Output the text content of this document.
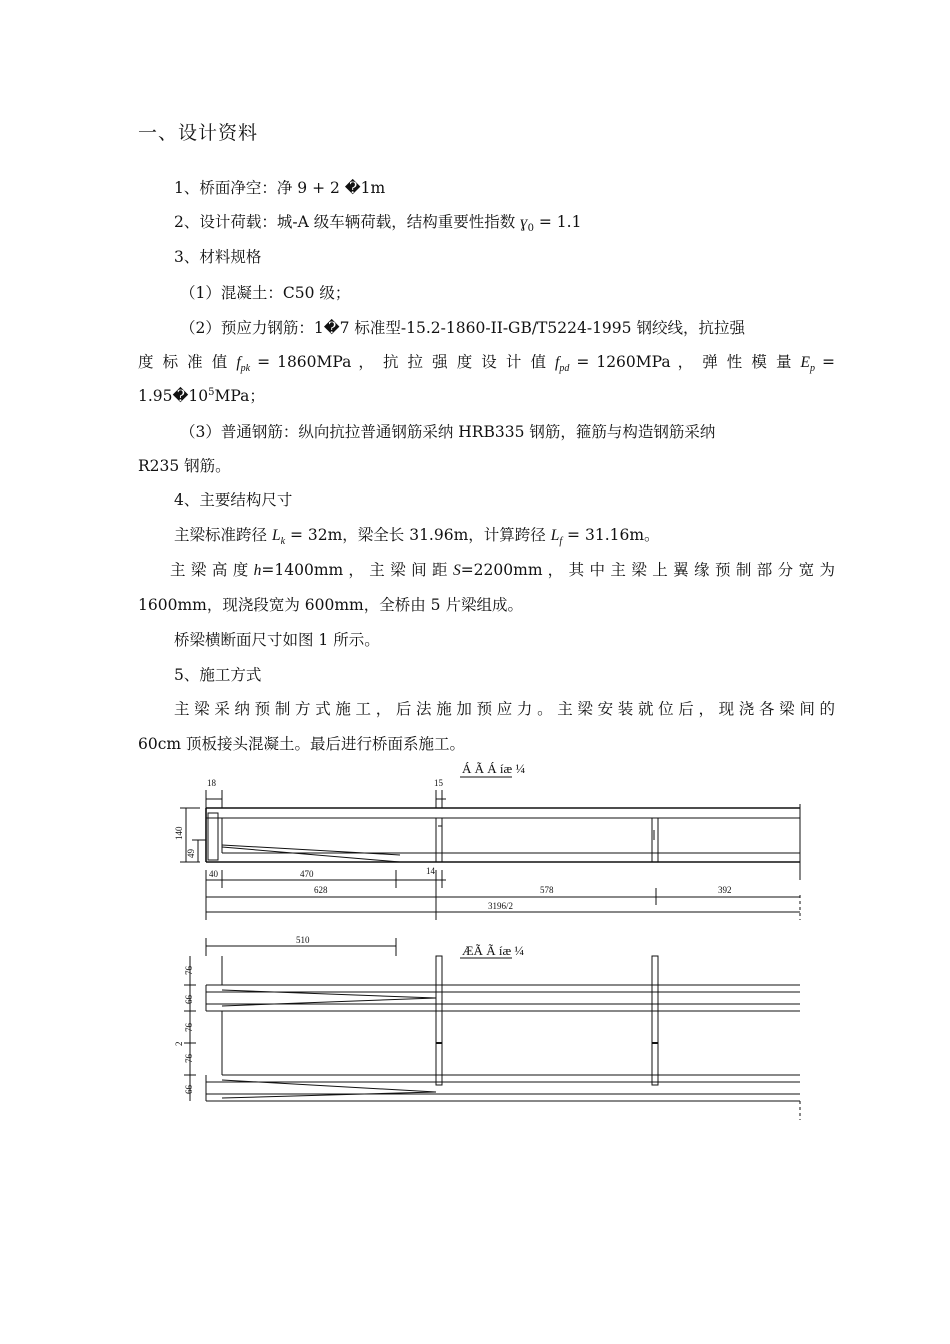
一、设计资料
1、桥面净空：净 9 + 2 �1m
2、设计荷载：城-A 级车辆荷载，结构重要性指数 ɣ$_0$ = 1.1
3、材料规格
（1）混凝土：C50 级；
（2）预应力钢筋：1�7 标准型-15.2-1860-II-GB/T5224-1995 钢绞线，抗拉强
度 标 准 值 $f_{pk} = 1860MPa$ ， 抗 拉 强 度 设 计 值 $f_{pd} = 1260MPa$ ， 弹 性 模 量 $E_p$ =
$1.95�10^5MPa$；
（3）普通钢筋：纵向抗拉普通钢筋采纳 HRB335 钢筋，箍筋与构造钢筋采纳
R235 钢筋。
4、主要结构尺寸
主梁标准跨径 $L_k = 32m$，梁全长 31.96m，计算跨径 $L_f = 31.16m$。
主 梁 高 度 h=1400mm ， 主 梁 间 距 S=2200mm ， 其 中 主 梁 上 翼 缘 预 制 部 分 宽 为
1600mm，现浇段宽为 600mm，全桥由 5 片梁组成。
桥梁横断面尺寸如图 1 所示。
5、施工方式
主梁采纳预制方式施工，后法施加预应力。主梁安装就位后，现浇各梁间的
60cm 顶板接头混凝土。最后进行桥面系施工。
18	15
140
49
40	470	14
628	578	392
3196/2
510
76
66
76
2
76
66
Á Ã Á íæ ¼
ÆÃ Ã íæ ¼
